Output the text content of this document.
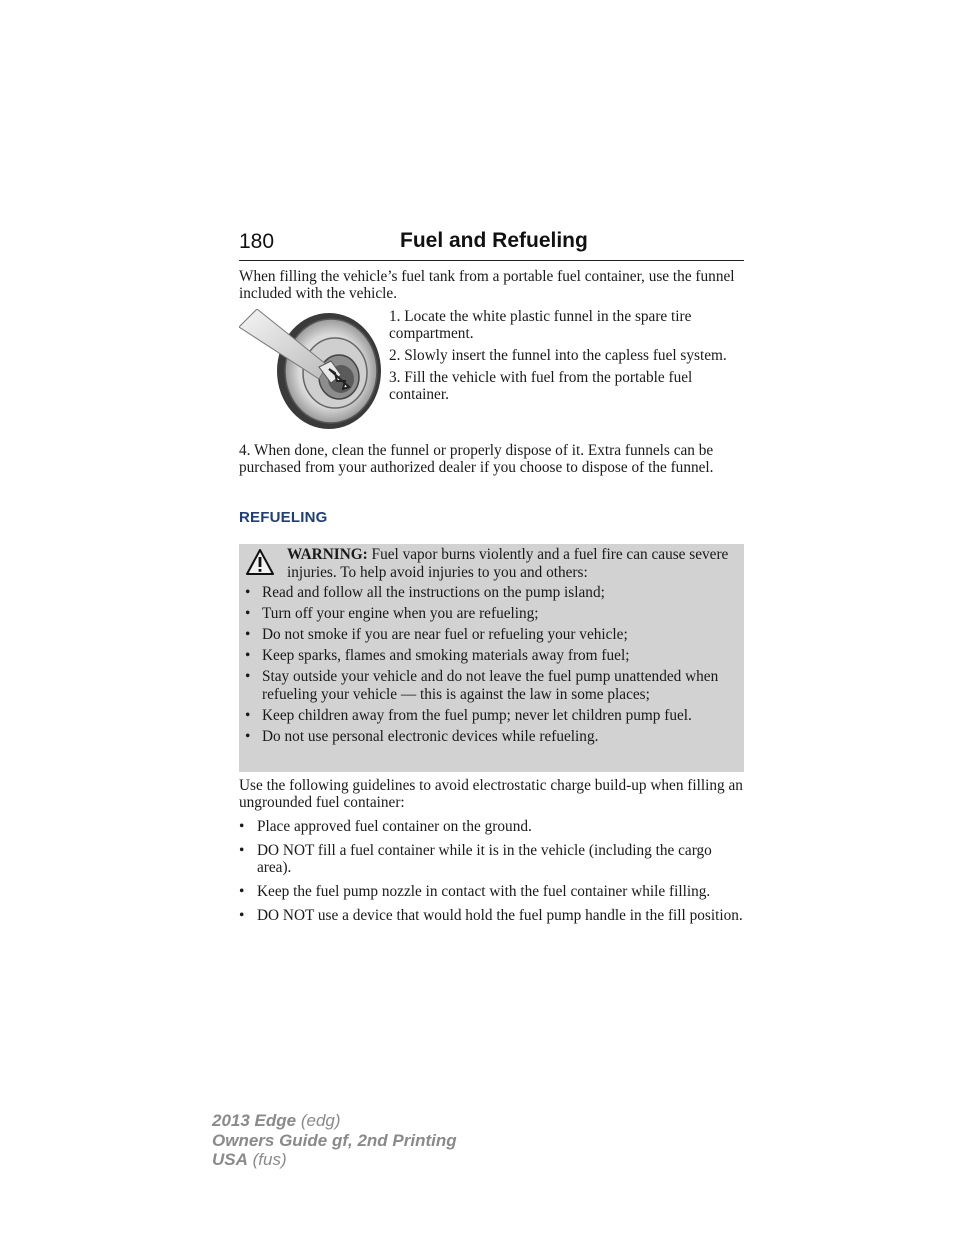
180	Fuel and Refueling
When filling the vehicle’s fuel tank from a portable fuel container, use the funnel included with the vehicle.

1. Locate the white plastic funnel in the spare tire compartment.

2. Slowly insert the funnel into the capless fuel system.

3. Fill the vehicle with fuel from the portable fuel container.

4. When done, clean the funnel or properly dispose of it. Extra funnels can be purchased from your authorized dealer if you choose to dispose of the funnel.
REFUELING
WARNING: Fuel vapor burns violently and a fuel fire can cause severe injuries. To help avoid injuries to you and others:
• Read and follow all the instructions on the pump island;
• Turn off your engine when you are refueling;
• Do not smoke if you are near fuel or refueling your vehicle;
• Keep sparks, flames and smoking materials away from fuel;
• Stay outside your vehicle and do not leave the fuel pump unattended when refueling your vehicle — this is against the law in some places;
• Keep children away from the fuel pump; never let children pump fuel.
• Do not use personal electronic devices while refueling.
Use the following guidelines to avoid electrostatic charge build-up when filling an ungrounded fuel container:
• Place approved fuel container on the ground.
• DO NOT fill a fuel container while it is in the vehicle (including the cargo area).
• Keep the fuel pump nozzle in contact with the fuel container while filling.
• DO NOT use a device that would hold the fuel pump handle in the fill position.
2013 Edge (edg)
Owners Guide gf, 2nd Printing
USA (fus)
